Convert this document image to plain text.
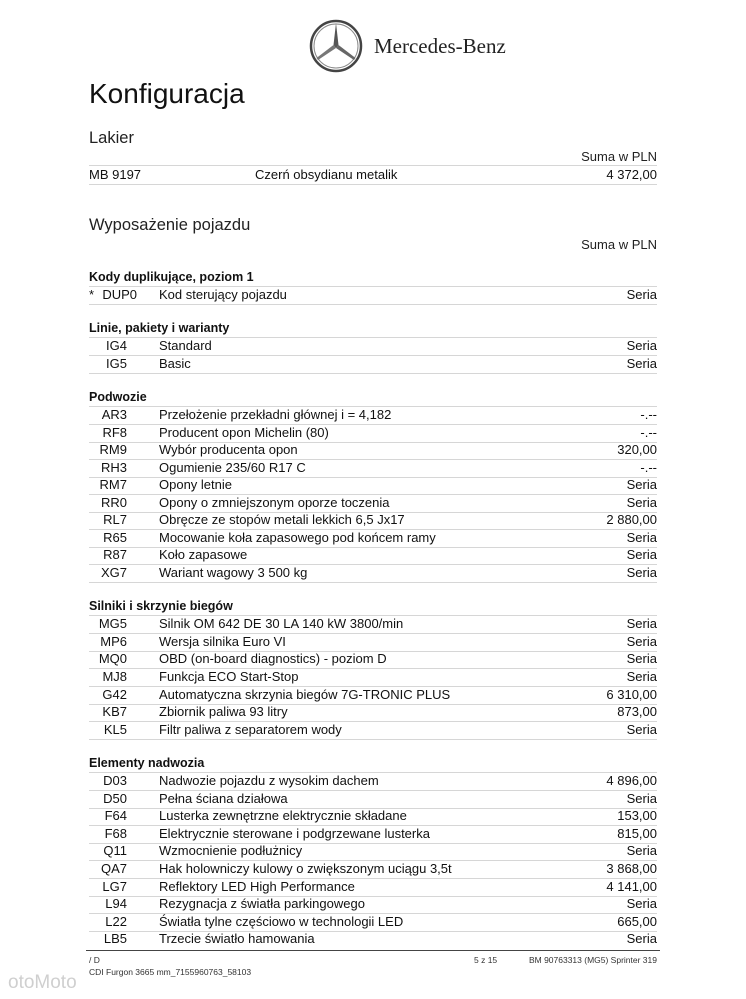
Mercedes-Benz
Konfiguracja
Lakier
Suma w PLN
MB 9197	Czerń obsydianu metalik	4 372,00
Wyposażenie pojazdu
Suma w PLN
Kody duplikujące, poziom 1
* DUP0 Kod sterujący pojazdu	Seria
Linie, pakiety i warianty
IG4 Standard	Seria
IG5 Basic	Seria
Podwozie
AR3 Przełożenie przekładni głównej i = 4,182	-.--
RF8 Producent opon Michelin (80)	-.--
RM9 Wybór producenta opon	320,00
RH3 Ogumienie 235/60 R17 C	-.--
RM7 Opony letnie	Seria
RR0 Opony o zmniejszonym oporze toczenia	Seria
RL7 Obręcze ze stopów metali lekkich 6,5 Jx17	2 880,00
R65 Mocowanie koła zapasowego pod końcem ramy	Seria
R87 Koło zapasowe	Seria
XG7 Wariant wagowy 3 500 kg	Seria
Silniki i skrzynie biegów
MG5 Silnik OM 642 DE 30 LA 140 kW 3800/min	Seria
MP6 Wersja silnika Euro VI	Seria
MQ0 OBD (on-board diagnostics) - poziom D	Seria
MJ8 Funkcja ECO Start-Stop	Seria
G42 Automatyczna skrzynia biegów 7G-TRONIC PLUS	6 310,00
KB7 Zbiornik paliwa 93 litry	873,00
KL5 Filtr paliwa z separatorem wody	Seria
Elementy nadwozia
D03 Nadwozie pojazdu z wysokim dachem	4 896,00
D50 Pełna ściana działowa	Seria
F64 Lusterka zewnętrzne elektrycznie składane	153,00
F68 Elektrycznie sterowane i podgrzewane lusterka	815,00
Q11 Wzmocnienie podłużnicy	Seria
QA7 Hak holowniczy kulowy o zwiększonym uciągu 3,5t	3 868,00
LG7 Reflektory LED High Performance	4 141,00
L94 Rezygnacja z światła parkingowego	Seria
L22 Światła tylne częściowo w technologii LED	665,00
LB5 Trzecie światło hamowania	Seria
/ D
CDI Furgon 3665 mm_7155960763_58103
5 z 15	BM 90763313 (MG5) Sprinter 319
otoMoto
